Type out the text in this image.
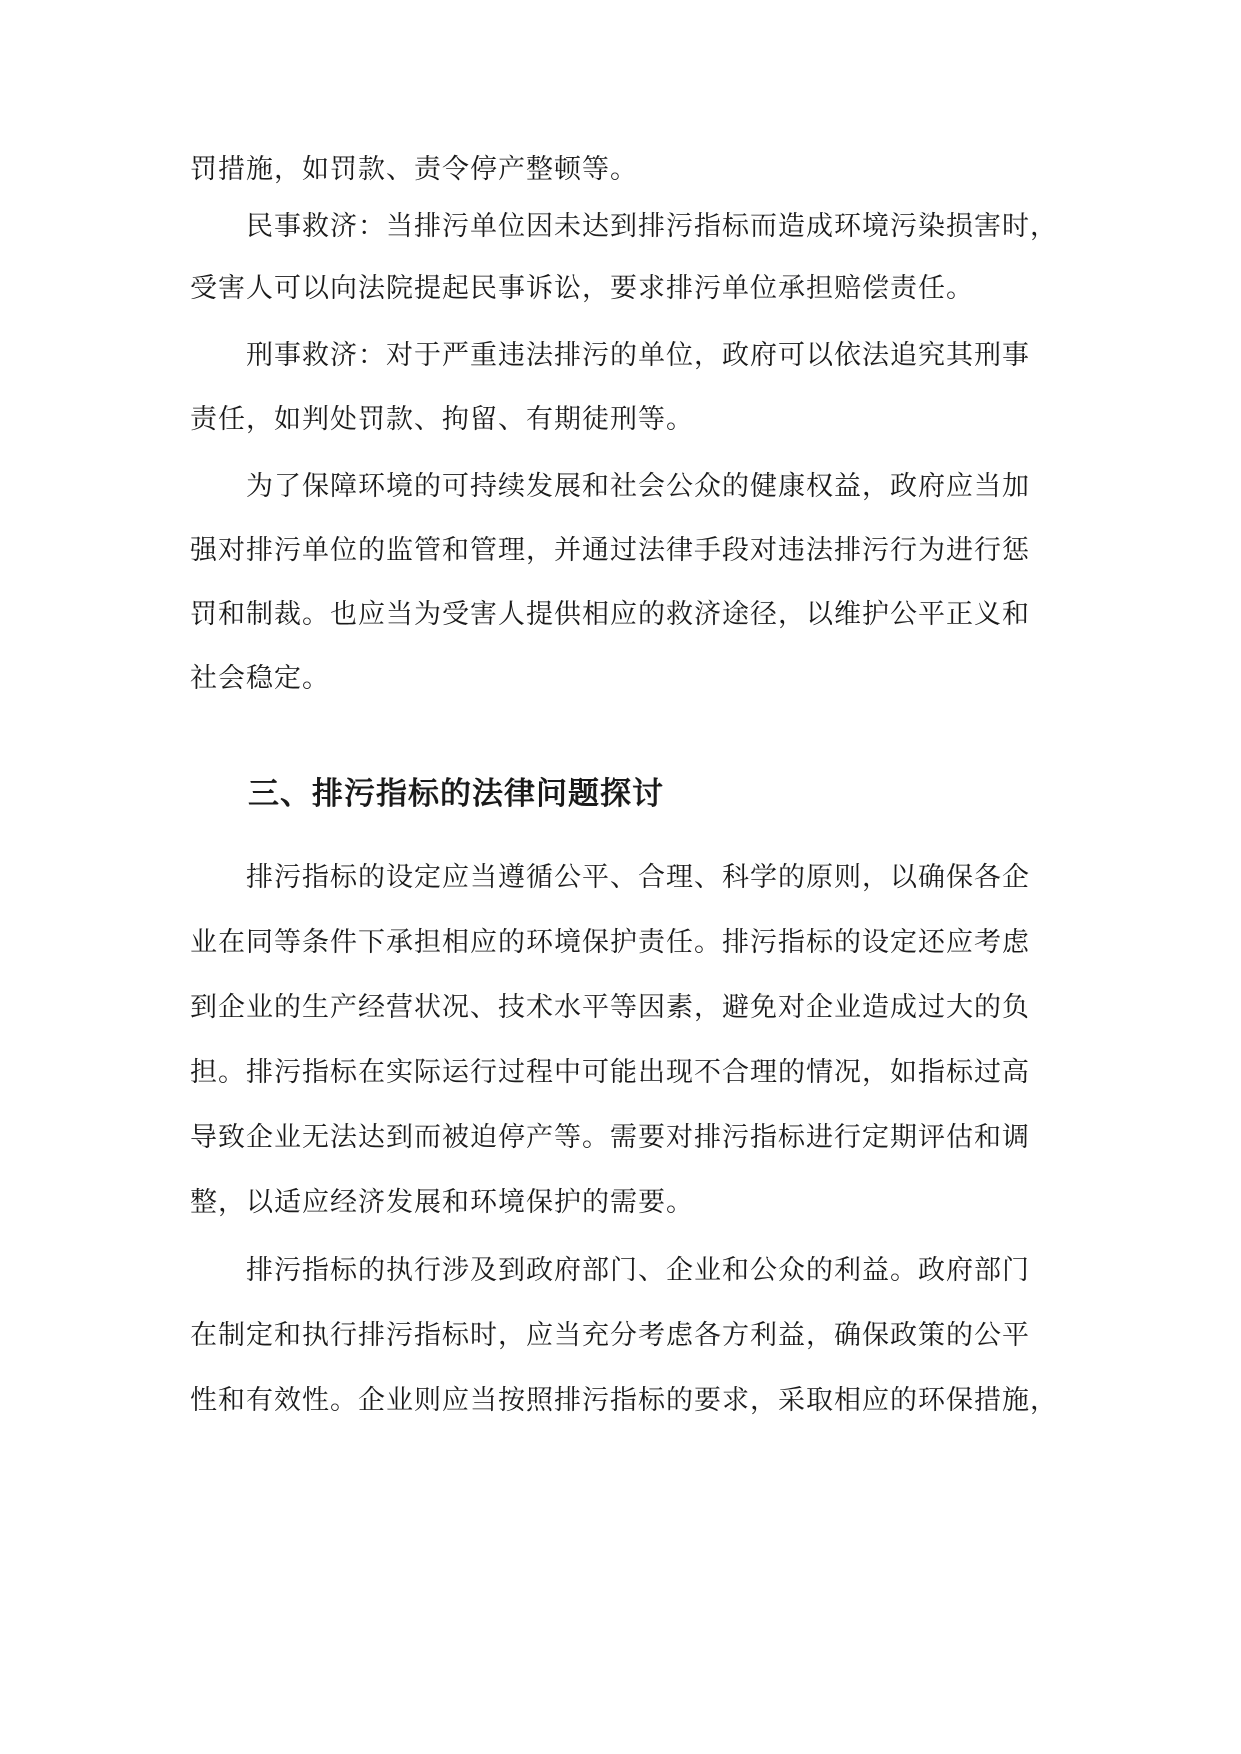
罚措施，如罚款、责令停产整顿等。
民事救济：当排污单位因未达到排污指标而造成环境污染损害时，
受害人可以向法院提起民事诉讼，要求排污单位承担赔偿责任。
刑事救济：对于严重违法排污的单位，政府可以依法追究其刑事
责任，如判处罚款、拘留、有期徒刑等。
为了保障环境的可持续发展和社会公众的健康权益，政府应当加
强对排污单位的监管和管理，并通过法律手段对违法排污行为进行惩
罚和制裁。也应当为受害人提供相应的救济途径，以维护公平正义和
社会稳定。
三、排污指标的法律问题探讨
排污指标的设定应当遵循公平、合理、科学的原则，以确保各企
业在同等条件下承担相应的环境保护责任。排污指标的设定还应考虑
到企业的生产经营状况、技术水平等因素，避免对企业造成过大的负
担。排污指标在实际运行过程中可能出现不合理的情况，如指标过高
导致企业无法达到而被迫停产等。需要对排污指标进行定期评估和调
整，以适应经济发展和环境保护的需要。
排污指标的执行涉及到政府部门、企业和公众的利益。政府部门
在制定和执行排污指标时，应当充分考虑各方利益，确保政策的公平
性和有效性。企业则应当按照排污指标的要求，采取相应的环保措施，
